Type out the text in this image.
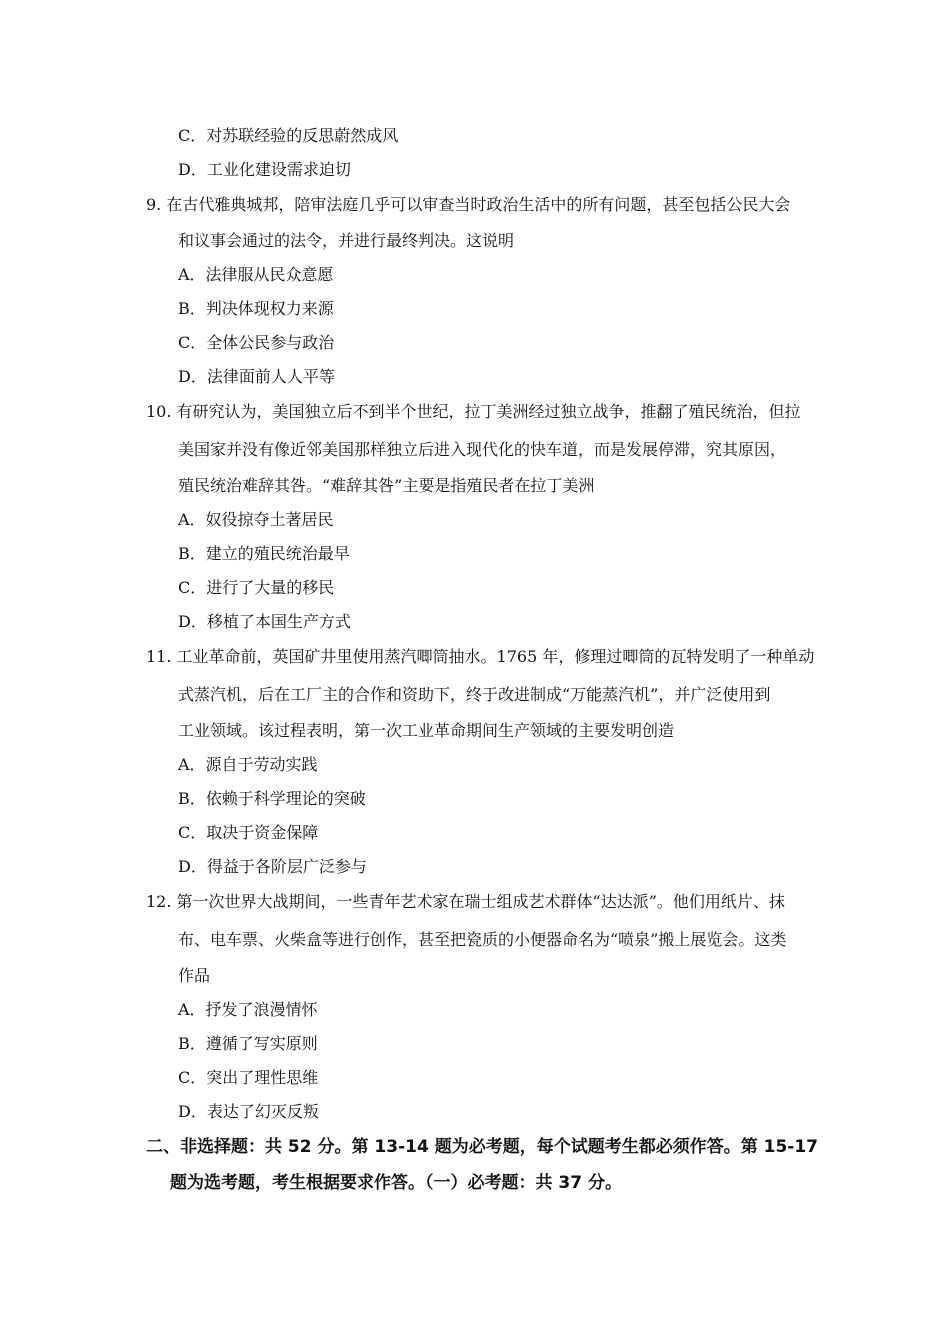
C．对苏联经验的反思蔚然成风
D．工业化建设需求迫切
9. 在古代雅典城邦，陪审法庭几乎可以审查当时政治生活中的所有问题，甚至包括公民大会
和议事会通过的法令，并进行最终判决。这说明
A．法律服从民众意愿
B．判决体现权力来源
C．全体公民参与政治
D．法律面前人人平等
10. 有研究认为，美国独立后不到半个世纪，拉丁美洲经过独立战争，推翻了殖民统治，但拉
美国家并没有像近邻美国那样独立后进入现代化的快车道，而是发展停滞，究其原因，
殖民统治难辞其咎。“难辞其咎”主要是指殖民者在拉丁美洲
A．奴役掠夺土著居民
B．建立的殖民统治最早
C．进行了大量的移民
D．移植了本国生产方式
11. 工业革命前，英国矿井里使用蒸汽唧筒抽水。1765 年，修理过唧筒的瓦特发明了一种单动
式蒸汽机，后在工厂主的合作和资助下，终于改进制成“万能蒸汽机”，并广泛使用到
工业领域。该过程表明，第一次工业革命期间生产领域的主要发明创造
A．源自于劳动实践
B．依赖于科学理论的突破
C．取决于资金保障
D．得益于各阶层广泛参与
12. 第一次世界大战期间，一些青年艺术家在瑞士组成艺术群体“达达派”。他们用纸片、抹
布、电车票、火柴盒等进行创作，甚至把瓷质的小便器命名为“喷泉”搬上展览会。这类
作品
A．抒发了浪漫情怀
B．遵循了写实原则
C．突出了理性思维
D．表达了幻灭反叛
二、非选择题：共 52 分。第 13-14 题为必考题，每个试题考生都必须作答。第 15-17
题为选考题，考生根据要求作答。（一）必考题：共 37 分。
